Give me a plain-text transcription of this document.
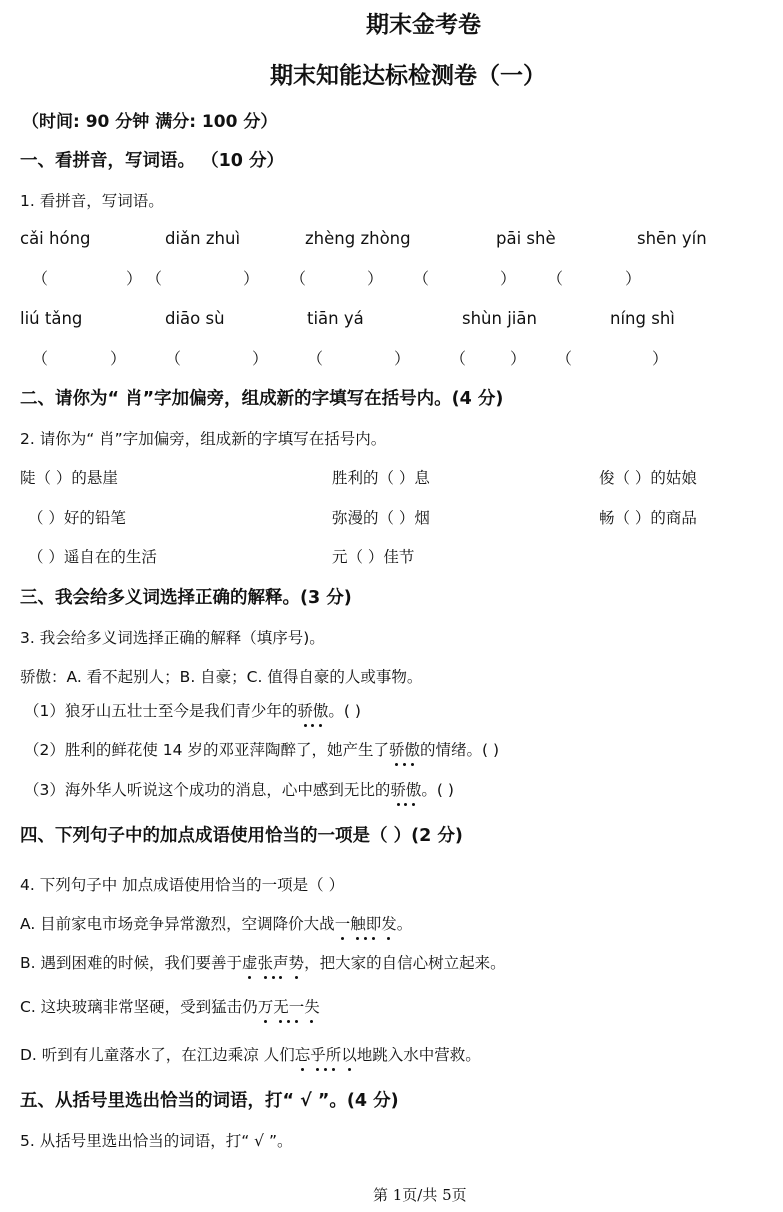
期末金考卷
期末知能达标检测卷（一）
（时间: 90 分钟 满分: 100 分）
一、看拼音，写词语。 （10 分）
1. 看拼音，写词语。
cǎi hóng	diǎn zhuì	zhèng zhòng	pāi shè	shēn yín
（	） （	） （	） （	） （	）
liú tǎng	diāo sù	tiān yá	shùn jiān	níng shì
（	） （	） （	） （	） （	）
二、请你为“ 肖”字加偏旁，组成新的字填写在括号内。(4 分)
2. 请你为“ 肖”字加偏旁，组成新的字填写在括号内。
陡（ ）的悬崖	胜利的（ ）息	俊（ ）的姑娘
（ ）好的铅笔	弥漫的（ ）烟	畅（ ）的商品
（ ）遥自在的生活	元（ ）佳节
三、我会给多义词选择正确的解释。(3 分)
3. 我会给多义词选择正确的解释（填序号)。
骄傲：A. 看不起别人；B. 自豪；C. 值得自豪的人或事物。
（1）狼牙山五壮士至今是我们青少年的骄傲。( )
（2）胜利的鲜花使 14 岁的邓亚萍陶醉了，她产生了骄傲的情绪。( )
（3）海外华人听说这个成功的消息，心中感到无比的骄傲。( )
四、下列句子中的加点成语使用恰当的一项是（ ）(2 分)
4. 下列句子中 加点成语使用恰当的一项是（ ）
A. 目前家电市场竞争异常激烈，空调降价大战一触即发。
B. 遇到困难的时候，我们要善于虚张声势，把大家的自信心树立起来。
C. 这块玻璃非常坚硬，受到猛击仍万无一失
D. 听到有儿童落水了，在江边乘凉 人们忘乎所以地跳入水中营救。
五、从括号里选出恰当的词语，打“ √ ”。(4 分)
5. 从括号里选出恰当的词语，打“ √ ”。
第 1页/共 5页
